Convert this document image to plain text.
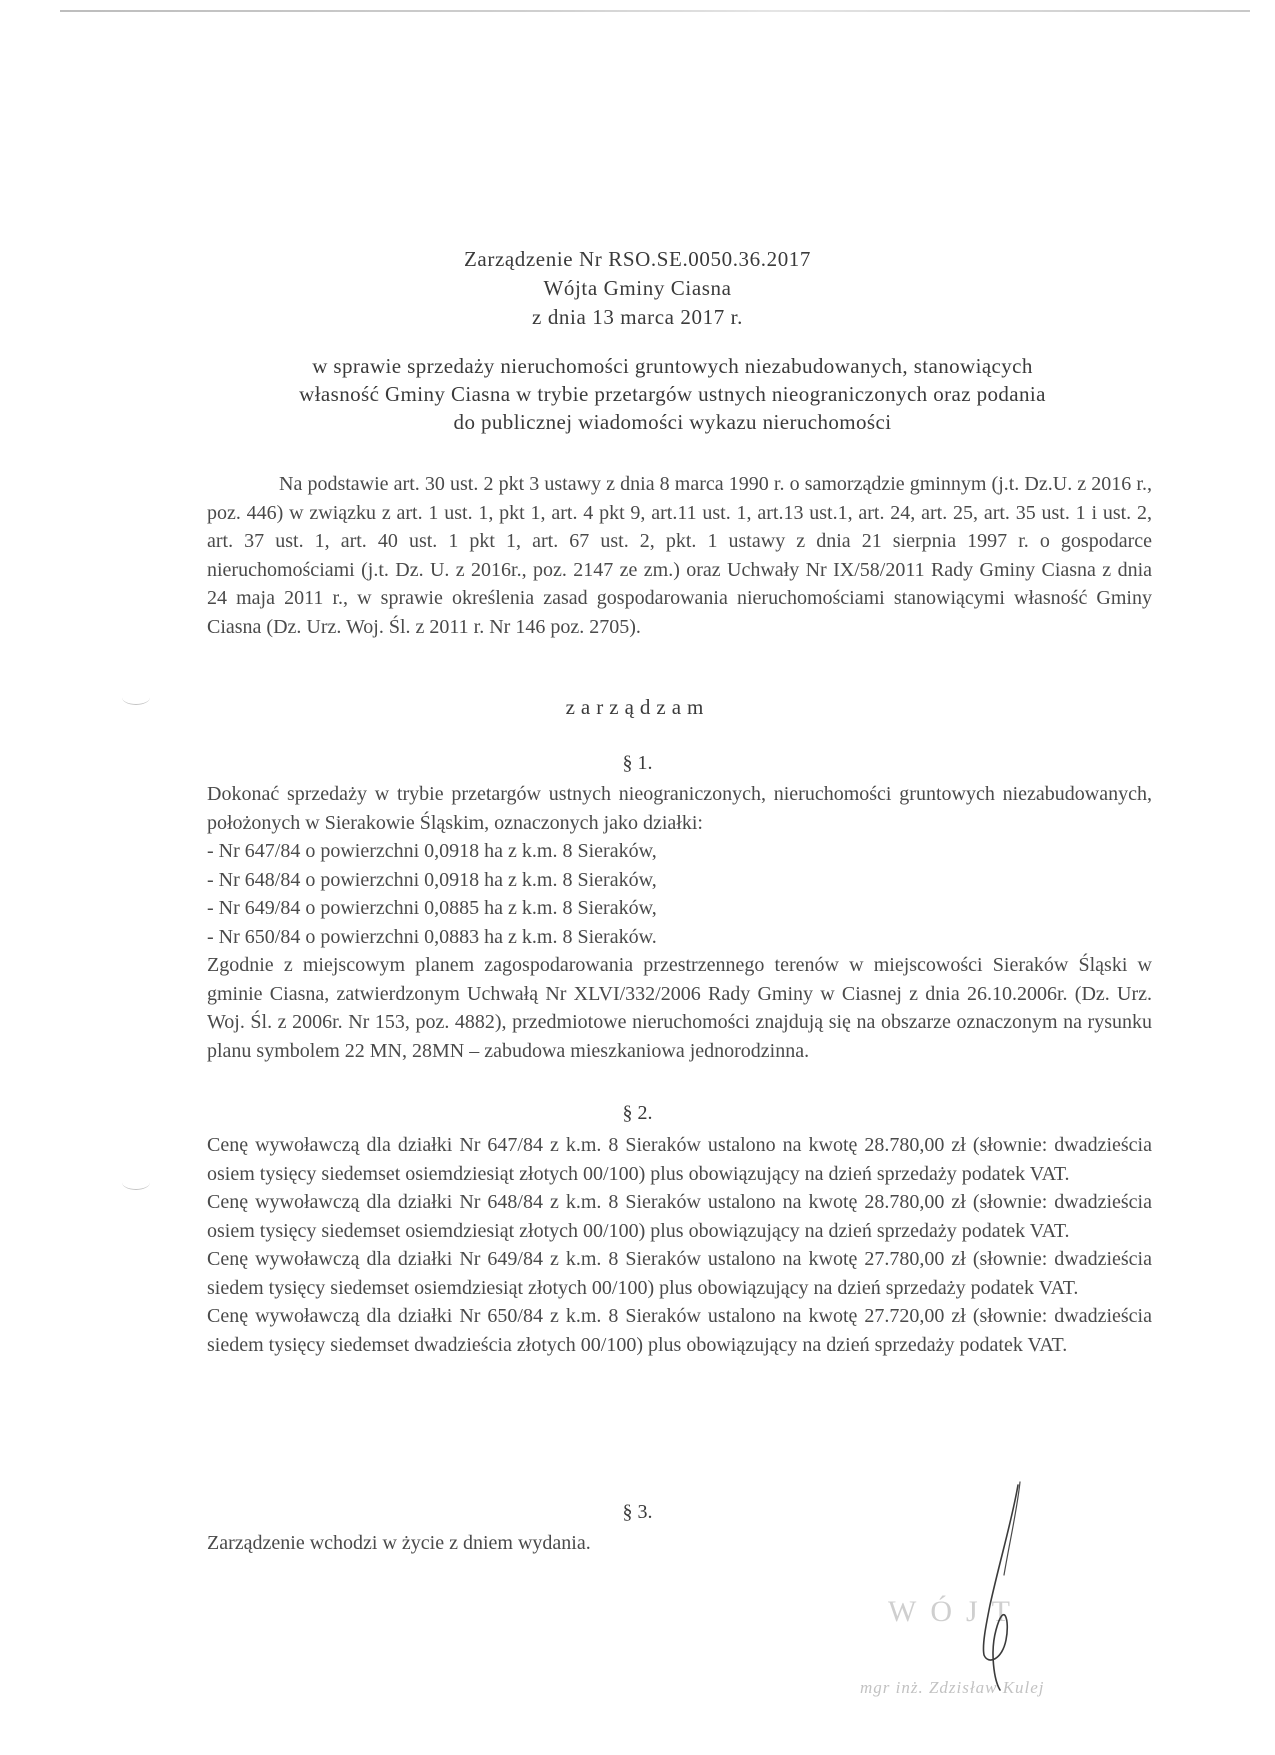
Zarządzenie Nr RSO.SE.0050.36.2017
Wójta Gminy Ciasna
z dnia 13 marca 2017 r.
w sprawie sprzedaży nieruchomości gruntowych niezabudowanych, stanowiących
własność Gminy Ciasna w trybie przetargów ustnych nieograniczonych oraz podania
do publicznej wiadomości wykazu nieruchomości
Na podstawie art. 30 ust. 2 pkt 3 ustawy z dnia 8 marca 1990 r. o samorządzie gminnym (j.t. Dz.U. z 2016 r., poz. 446) w związku z art. 1 ust. 1, pkt 1, art. 4 pkt 9, art.11 ust. 1, art.13 ust.1, art. 24, art. 25, art. 35 ust. 1 i ust. 2, art. 37 ust. 1, art. 40 ust. 1 pkt 1, art. 67 ust. 2, pkt. 1 ustawy z dnia 21 sierpnia 1997 r. o gospodarce nieruchomościami (j.t. Dz. U. z 2016r., poz. 2147 ze zm.) oraz Uchwały Nr IX/58/2011 Rady Gminy Ciasna z dnia 24 maja 2011 r., w sprawie określenia zasad gospodarowania nieruchomościami stanowiącymi własność Gminy Ciasna (Dz. Urz. Woj. Śl. z 2011 r. Nr 146 poz. 2705).
zarządzam
§ 1.

Dokonać sprzedaży w trybie przetargów ustnych nieograniczonych, nieruchomości gruntowych niezabudowanych, położonych w Sierakowie Śląskim, oznaczonych jako działki:

- Nr 647/84 o powierzchni 0,0918 ha z k.m. 8 Sieraków,
- Nr 648/84 o powierzchni 0,0918 ha z k.m. 8 Sieraków,
- Nr 649/84 o powierzchni 0,0885 ha z k.m. 8 Sieraków,
- Nr 650/84 o powierzchni 0,0883 ha z k.m. 8 Sieraków.

Zgodnie z miejscowym planem zagospodarowania przestrzennego terenów w miejscowości Sieraków Śląski w gminie Ciasna, zatwierdzonym Uchwałą Nr XLVI/332/2006 Rady Gminy w Ciasnej z dnia 26.10.2006r. (Dz. Urz. Woj. Śl. z 2006r. Nr 153, poz. 4882), przedmiotowe nieruchomości znajdują się na obszarze oznaczonym na rysunku planu symbolem 22 MN, 28MN – zabudowa mieszkaniowa jednorodzinna.

§ 2.

Cenę wywoławczą dla działki Nr 647/84 z k.m. 8 Sieraków ustalono na kwotę 28.780,00 zł (słownie: dwadzieścia osiem tysięcy siedemset osiemdziesiąt złotych 00/100) plus obowiązujący na dzień sprzedaży podatek VAT.

Cenę wywoławczą dla działki Nr 648/84 z k.m. 8 Sieraków ustalono na kwotę 28.780,00 zł (słownie: dwadzieścia osiem tysięcy siedemset osiemdziesiąt złotych 00/100) plus obowiązujący na dzień sprzedaży podatek VAT.

Cenę wywoławczą dla działki Nr 649/84 z k.m. 8 Sieraków ustalono na kwotę 27.780,00 zł (słownie: dwadzieścia siedem tysięcy siedemset osiemdziesiąt złotych 00/100) plus obowiązujący na dzień sprzedaży podatek VAT.

Cenę wywoławczą dla działki Nr 650/84 z k.m. 8 Sieraków ustalono na kwotę 27.720,00 zł (słownie: dwadzieścia siedem tysięcy siedemset dwadzieścia złotych 00/100) plus obowiązujący na dzień sprzedaży podatek VAT.

§ 3.

Zarządzenie wchodzi w życie z dniem wydania.

WÓJT
mgr inż. Zdzisław Kulej
